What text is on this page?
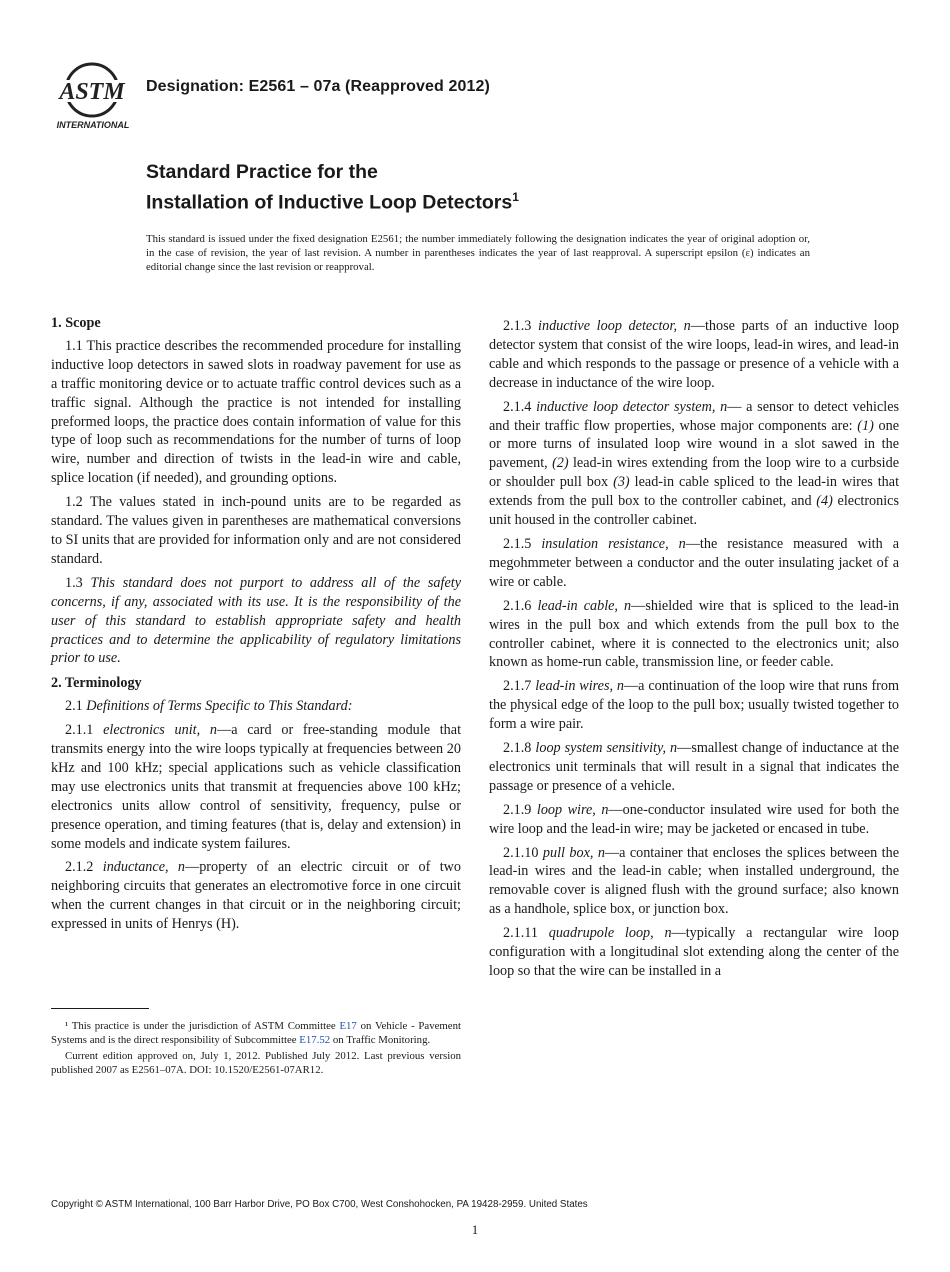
ASTM
INTERNATIONAL
Designation: E2561 – 07a (Reapproved 2012)
Standard Practice for the
Installation of Inductive Loop Detectors$^1$
This standard is issued under the fixed designation E2561; the number immediately following the designation indicates the year of original adoption or, in the case of revision, the year of last revision. A number in parentheses indicates the year of last reapproval. A superscript epsilon (ε) indicates an editorial change since the last revision or reapproval.
1. Scope

1.1 This practice describes the recommended procedure for installing inductive loop detectors in sawed slots in roadway pavement for use as a traffic monitoring device or to actuate traffic control devices such as a traffic signal. Although the practice is not intended for installing preformed loops, the practice does contain information of value for this type of loop such as recommendations for the number of turns of loop wire, number and direction of twists in the lead-in wire and cable, splice location (if needed), and grounding options.

1.2 The values stated in inch-pound units are to be regarded as standard. The values given in parentheses are mathematical conversions to SI units that are provided for information only and are not considered standard.

1.3 This standard does not purport to address all of the safety concerns, if any, associated with its use. It is the responsibility of the user of this standard to establish appropriate safety and health practices and to determine the applicability of regulatory limitations prior to use.

2. Terminology

2.1 Definitions of Terms Specific to This Standard:

2.1.1 electronics unit, n—a card or free-standing module that transmits energy into the wire loops typically at frequencies between 20 kHz and 100 kHz; special applications such as vehicle classification may use electronics units that transmit at frequencies above 100 kHz; electronics units allow control of sensitivity, frequency, pulse or presence operation, and timing features (that is, delay and extension) in some models and indicate system failures.

2.1.2 inductance, n—property of an electric circuit or of two neighboring circuits that generates an electromotive force in one circuit when the current changes in that circuit or in the neighboring circuit; expressed in units of Henrys (H).

¹ This practice is under the jurisdiction of ASTM Committee E17 on Vehicle - Pavement Systems and is the direct responsibility of Subcommittee E17.52 on Traffic Monitoring.

Current edition approved on, July 1, 2012. Published July 2012. Last previous version published 2007 as E2561–07A. DOI: 10.1520/E2561-07AR12.

2.1.3 inductive loop detector, n—those parts of an inductive loop detector system that consist of the wire loops, lead-in wires, and lead-in cable and which responds to the passage or presence of a vehicle with a decrease in inductance of the wire loop.

2.1.4 inductive loop detector system, n— a sensor to detect vehicles and their traffic flow properties, whose major components are: (1) one or more turns of insulated loop wire wound in a slot sawed in the pavement, (2) lead-in wires extending from the loop wire to a curbside or shoulder pull box (3) lead-in cable spliced to the lead-in wires that extends from the pull box to the controller cabinet, and (4) electronics unit housed in the controller cabinet.

2.1.5 insulation resistance, n—the resistance measured with a megohmmeter between a conductor and the outer insulating jacket of a wire or cable.

2.1.6 lead-in cable, n—shielded wire that is spliced to the lead-in wires in the pull box and which extends from the pull box to the controller cabinet, where it is connected to the electronics unit; also known as home-run cable, transmission line, or feeder cable.

2.1.7 lead-in wires, n—a continuation of the loop wire that runs from the physical edge of the loop to the pull box; usually twisted together to form a wire pair.

2.1.8 loop system sensitivity, n—smallest change of inductance at the electronics unit terminals that will result in a signal that indicates the passage or presence of a vehicle.

2.1.9 loop wire, n—one-conductor insulated wire used for both the wire loop and the lead-in wire; may be jacketed or encased in tube.

2.1.10 pull box, n—a container that encloses the splices between the lead-in wires and the lead-in cable; when installed underground, the removable cover is aligned flush with the ground surface; also known as a handhole, splice box, or junction box.

2.1.11 quadrupole loop, n—typically a rectangular wire loop configuration with a longitudinal slot extending along the center of the loop so that the wire can be installed in a

Copyright © ASTM International, 100 Barr Harbor Drive, PO Box C700, West Conshohocken, PA 19428-2959. United States
1
